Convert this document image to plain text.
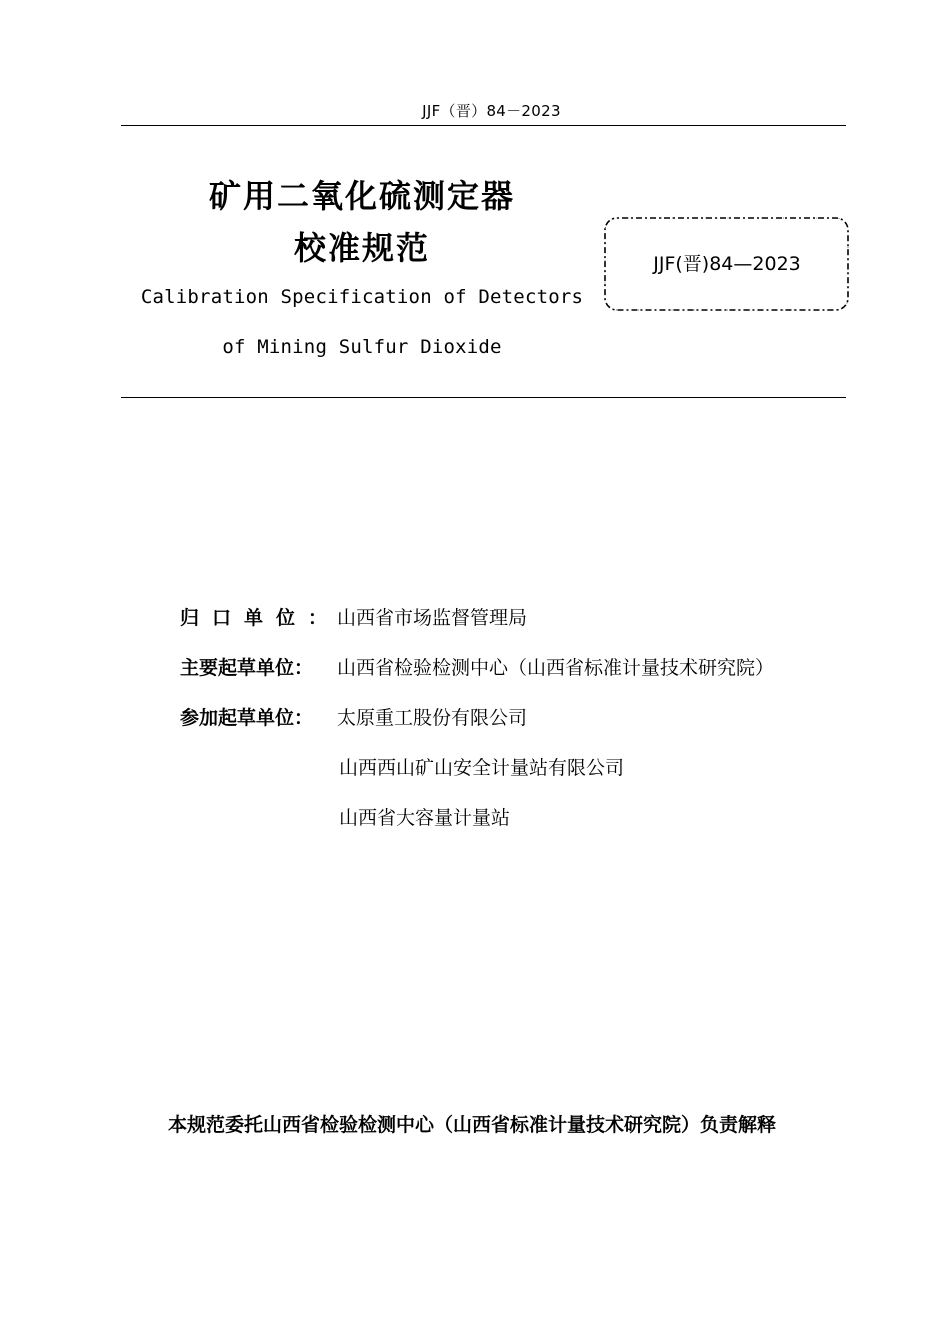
JJF（晋）84－2023
矿用二氧化硫测定器
校准规范
Calibration Specification of Detectors
of Mining Sulfur Dioxide
JJF(晋)84—2023
归口单位：山西省市场监督管理局
主要起草单位： 山西省检验检测中心（山西省标准计量技术研究院）
参加起草单位： 太原重工股份有限公司
山西西山矿山安全计量站有限公司
山西省大容量计量站
本规范委托山西省检验检测中心（山西省标准计量技术研究院）负责解释
